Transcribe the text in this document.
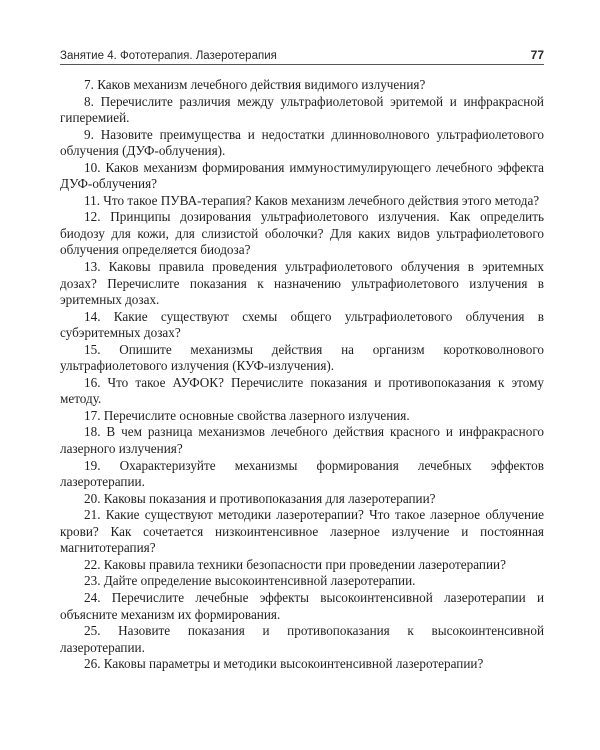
Занятие 4. Фототерапия. Лазеротерапия	77
7. Каков механизм лечебного действия видимого излучения?
8. Перечислите различия между ультрафиолетовой эритемой и инфракрасной гиперемией.
9. Назовите преимущества и недостатки длинноволнового ультрафиолетового облучения (ДУФ-облучения).
10. Каков механизм формирования иммуностимулирующего лечебного эффекта ДУФ-облучения?
11. Что такое ПУВА-терапия? Каков механизм лечебного действия этого метода?
12. Принципы дозирования ультрафиолетового излучения. Как определить биодозу для кожи, для слизистой оболочки? Для каких видов ультрафиолетового облучения определяется биодоза?
13. Каковы правила проведения ультрафиолетового облучения в эритемных дозах? Перечислите показания к назначению ультрафиолетового излучения в эритемных дозах.
14. Какие существуют схемы общего ультрафиолетового облучения в субэритемных дозах?
15. Опишите механизмы действия на организм коротковолнового ультрафиолетового излучения (КУФ-излучения).
16. Что такое АУФОК? Перечислите показания и противопоказания к этому методу.
17. Перечислите основные свойства лазерного излучения.
18. В чем разница механизмов лечебного действия красного и инфракрасного лазерного излучения?
19. Охарактеризуйте механизмы формирования лечебных эффектов лазеротерапии.
20. Каковы показания и противопоказания для лазеротерапии?
21. Какие существуют методики лазеротерапии? Что такое лазерное облучение крови? Как сочетается низкоинтенсивное лазерное излучение и постоянная магнитотерапия?
22. Каковы правила техники безопасности при проведении лазеротерапии?
23. Дайте определение высокоинтенсивной лазеротерапии.
24. Перечислите лечебные эффекты высокоинтенсивной лазеротерапии и объясните механизм их формирования.
25. Назовите показания и противопоказания к высокоинтенсивной лазеротерапии.
26. Каковы параметры и методики высокоинтенсивной лазеротерапии?
